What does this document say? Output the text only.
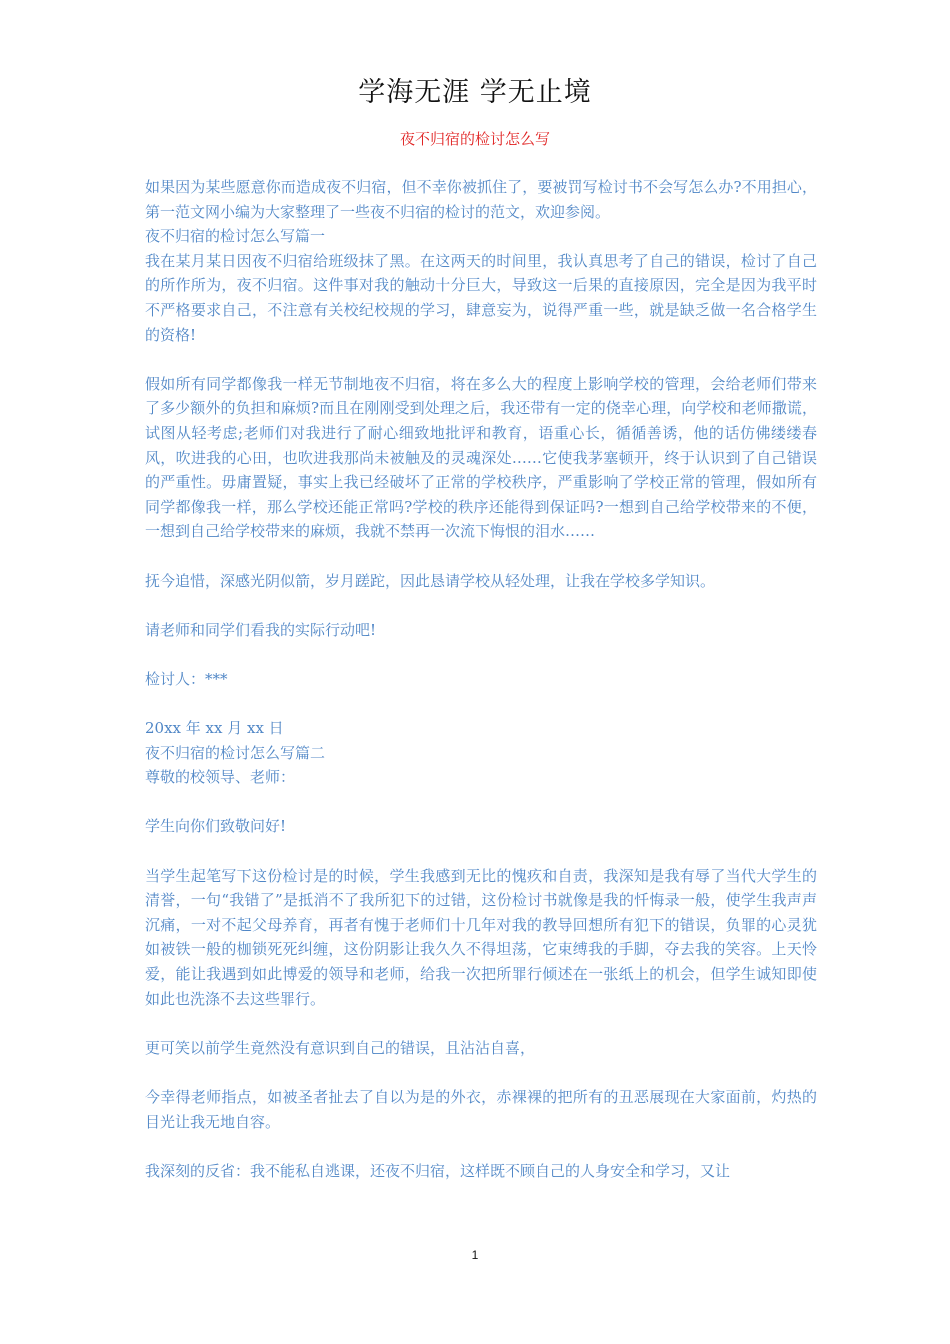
学海无涯 学无止境
夜不归宿的检讨怎么写

如果因为某些愿意你而造成夜不归宿，但不幸你被抓住了，要被罚写检讨书不会写怎么办?不用担心，第一范文网小编为大家整理了一些夜不归宿的检讨的范文，欢迎参阅。

夜不归宿的检讨怎么写篇一

我在某月某日因夜不归宿给班级抹了黑。在这两天的时间里，我认真思考了自己的错误，检讨了自己的所作所为，夜不归宿。这件事对我的触动十分巨大，导致这一后果的直接原因，完全是因为我平时不严格要求自己，不注意有关校纪校规的学习，肆意妄为，说得严重一些，就是缺乏做一名合格学生的资格!

假如所有同学都像我一样无节制地夜不归宿，将在多么大的程度上影响学校的管理，会给老师们带来了多少额外的负担和麻烦?而且在刚刚受到处理之后，我还带有一定的侥幸心理，向学校和老师撒谎，试图从轻考虑;老师们对我进行了耐心细致地批评和教育，语重心长，循循善诱，他的话仿佛缕缕春风，吹进我的心田，也吹进我那尚未被触及的灵魂深处……它使我茅塞顿开，终于认识到了自己错误的严重性。毋庸置疑，事实上我已经破坏了正常的学校秩序，严重影响了学校正常的管理，假如所有同学都像我一样，那么学校还能正常吗?学校的秩序还能得到保证吗?一想到自己给学校带来的不便，一想到自己给学校带来的麻烦，我就不禁再一次流下悔恨的泪水……

抚今追惜，深感光阴似箭，岁月蹉跎，因此恳请学校从轻处理，让我在学校多学知识。

请老师和同学们看我的实际行动吧!

检讨人：***

20xx 年 xx 月 xx 日

夜不归宿的检讨怎么写篇二

尊敬的校领导、老师：

学生向你们致敬问好!

当学生起笔写下这份检讨是的时候，学生我感到无比的愧疚和自责，我深知是我有辱了当代大学生的清誉，一句“我错了”是抵消不了我所犯下的过错，这份检讨书就像是我的忏悔录一般，使学生我声声沉痛，一对不起父母养育，再者有愧于老师们十几年对我的教导回想所有犯下的错误，负罪的心灵犹如被铁一般的枷锁死死纠缠，这份阴影让我久久不得坦荡，它束缚我的手脚，夺去我的笑容。上天怜爱，能让我遇到如此博爱的领导和老师，给我一次把所罪行倾述在一张纸上的机会，但学生诚知即使如此也洗涤不去这些罪行。

更可笑以前学生竟然没有意识到自己的错误，且沾沾自喜，

今幸得老师指点，如被圣者扯去了自以为是的外衣，赤裸裸的把所有的丑恶展现在大家面前，灼热的目光让我无地自容。

我深刻的反省：我不能私自逃课，还夜不归宿，这样既不顾自己的人身安全和学习，又让

1
